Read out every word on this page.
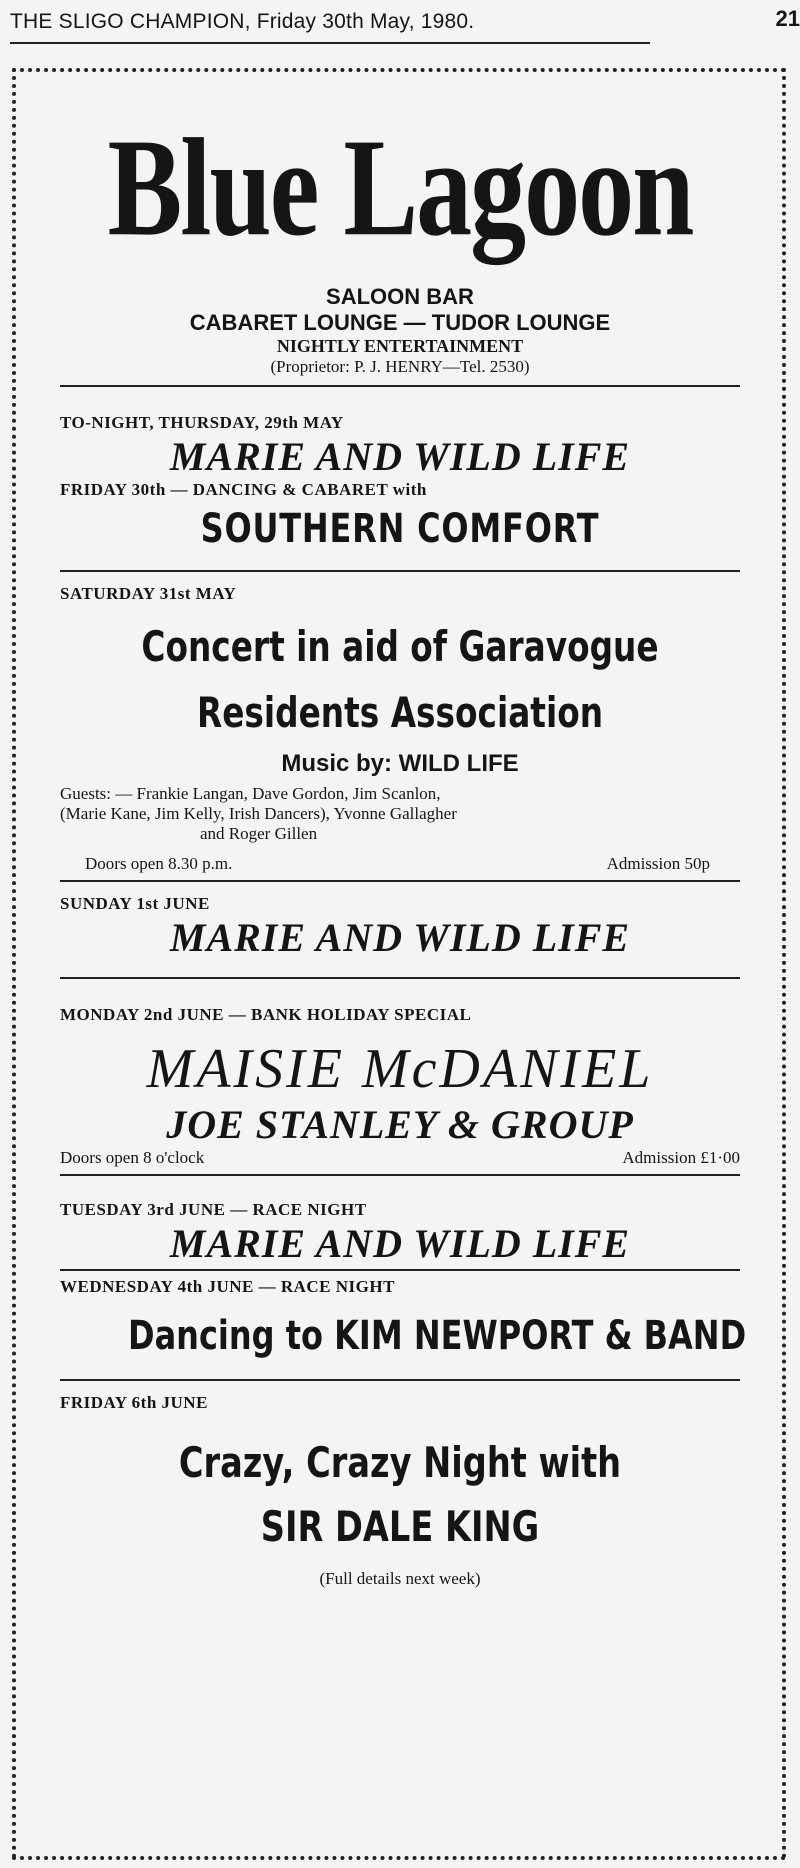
THE SLIGO CHAMPION, Friday 30th May, 1980.	21
Blue Lagoon
SALOON BAR
CABARET LOUNGE — TUDOR LOUNGE
NIGHTLY ENTERTAINMENT
(Proprietor: P. J. HENRY—Tel. 2530)
TO-NIGHT, THURSDAY, 29th MAY
MARIE AND WILD LIFE
FRIDAY 30th — DANCING & CABARET with
SOUTHERN COMFORT
SATURDAY 31st MAY
Concert in aid of Garavogue
Residents Association
Music by: WILD LIFE
Guests: — Frankie Langan, Dave Gordon, Jim Scanlon,
(Marie Kane, Jim Kelly, Irish Dancers), Yvonne Gallagher
and Roger Gillen
Doors open 8.30 p.m.	Admission 50p
SUNDAY 1st JUNE
MARIE AND WILD LIFE
MONDAY 2nd JUNE — BANK HOLIDAY SPECIAL
MAISIE McDANIEL
JOE STANLEY & GROUP
Doors open 8 o'clock	Admission £1·00
TUESDAY 3rd JUNE — RACE NIGHT
MARIE AND WILD LIFE
WEDNESDAY 4th JUNE — RACE NIGHT
Dancing to KIM NEWPORT & BAND
FRIDAY 6th JUNE
Crazy, Crazy Night with
SIR DALE KING
(Full details next week)
